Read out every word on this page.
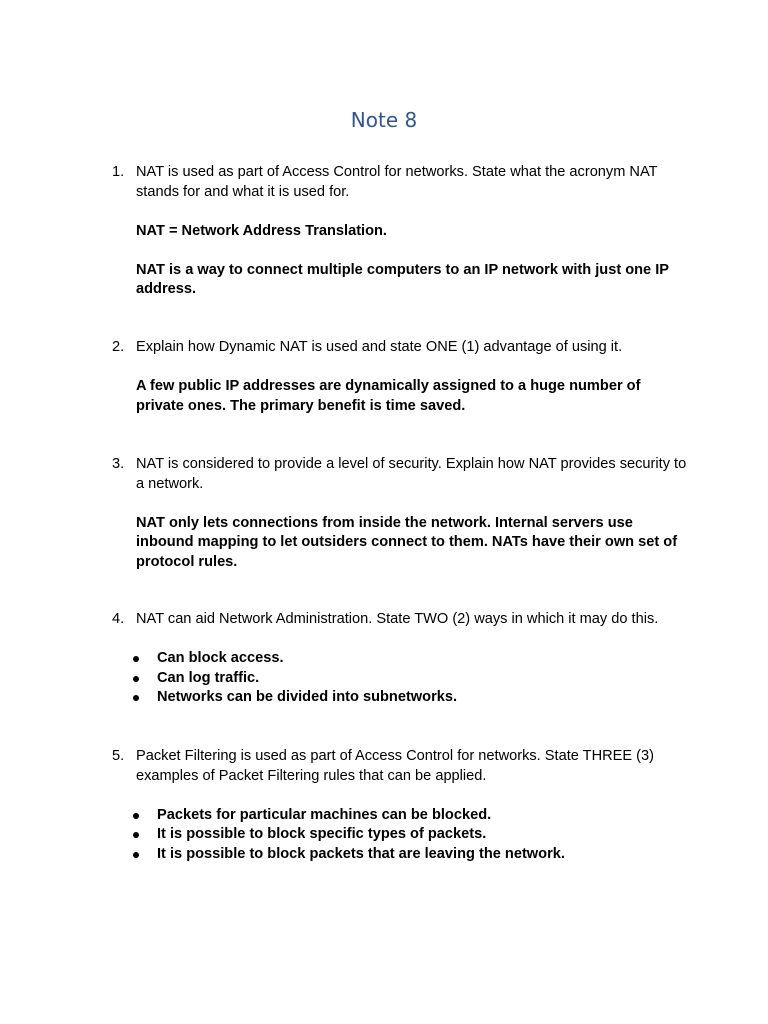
Note 8
1. NAT is used as part of Access Control for networks. State what the acronym NAT stands for and what it is used for.
NAT = Network Address Translation.
NAT is a way to connect multiple computers to an IP network with just one IP address.
2. Explain how Dynamic NAT is used and state ONE (1) advantage of using it.
A few public IP addresses are dynamically assigned to a huge number of private ones. The primary benefit is time saved.
3. NAT is considered to provide a level of security. Explain how NAT provides security to a network.
NAT only lets connections from inside the network. Internal servers use inbound mapping to let outsiders connect to them. NATs have their own set of protocol rules.
4. NAT can aid Network Administration. State TWO (2) ways in which it may do this.
Can block access.
Can log traffic.
Networks can be divided into subnetworks.
5. Packet Filtering is used as part of Access Control for networks. State THREE (3) examples of Packet Filtering rules that can be applied.
Packets for particular machines can be blocked.
It is possible to block specific types of packets.
It is possible to block packets that are leaving the network.
